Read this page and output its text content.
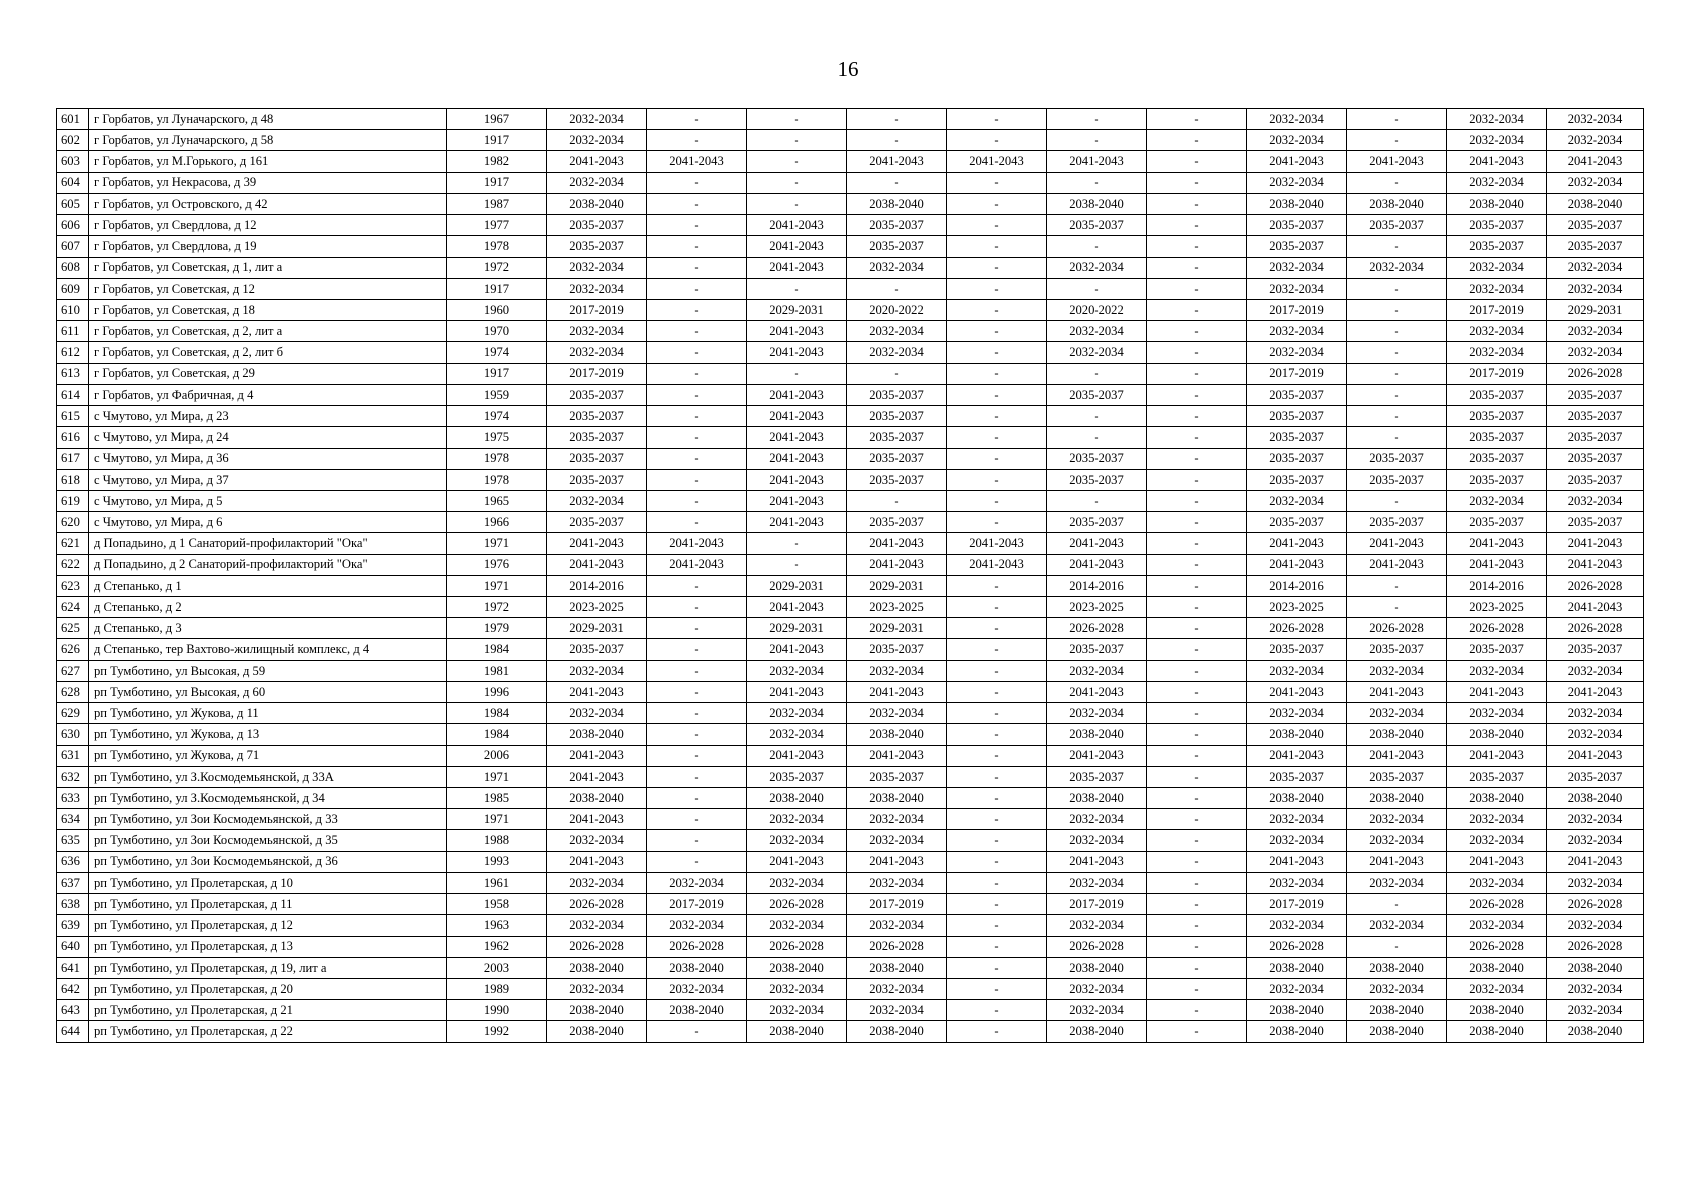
16
601	г Горбатов, ул Луначарского, д 48	1967	2032-2034	-	-	-	-	-	-	2032-2034	-	2032-2034	2032-2034
602	г Горбатов, ул Луначарского, д 58	1917	2032-2034	-	-	-	-	-	-	2032-2034	-	2032-2034	2032-2034
603	г Горбатов, ул М.Горького, д 161	1982	2041-2043	2041-2043	-	2041-2043	2041-2043	2041-2043	-	2041-2043	2041-2043	2041-2043	2041-2043
604	г Горбатов, ул Некрасова, д 39	1917	2032-2034	-	-	-	-	-	-	2032-2034	-	2032-2034	2032-2034
605	г Горбатов, ул Островского, д 42	1987	2038-2040	-	-	2038-2040	-	2038-2040	-	2038-2040	2038-2040	2038-2040	2038-2040
606	г Горбатов, ул Свердлова, д 12	1977	2035-2037	-	2041-2043	2035-2037	-	2035-2037	-	2035-2037	2035-2037	2035-2037	2035-2037
607	г Горбатов, ул Свердлова, д 19	1978	2035-2037	-	2041-2043	2035-2037	-	-	-	2035-2037	-	2035-2037	2035-2037
608	г Горбатов, ул Советская, д 1, лит а	1972	2032-2034	-	2041-2043	2032-2034	-	2032-2034	-	2032-2034	2032-2034	2032-2034	2032-2034
609	г Горбатов, ул Советская, д 12	1917	2032-2034	-	-	-	-	-	-	2032-2034	-	2032-2034	2032-2034
610	г Горбатов, ул Советская, д 18	1960	2017-2019	-	2029-2031	2020-2022	-	2020-2022	-	2017-2019	-	2017-2019	2029-2031
611	г Горбатов, ул Советская, д 2, лит а	1970	2032-2034	-	2041-2043	2032-2034	-	2032-2034	-	2032-2034	-	2032-2034	2032-2034
612	г Горбатов, ул Советская, д 2, лит б	1974	2032-2034	-	2041-2043	2032-2034	-	2032-2034	-	2032-2034	-	2032-2034	2032-2034
613	г Горбатов, ул Советская, д 29	1917	2017-2019	-	-	-	-	-	-	2017-2019	-	2017-2019	2026-2028
614	г Горбатов, ул Фабричная, д 4	1959	2035-2037	-	2041-2043	2035-2037	-	2035-2037	-	2035-2037	-	2035-2037	2035-2037
615	с Чмутово, ул Мира, д 23	1974	2035-2037	-	2041-2043	2035-2037	-	-	-	2035-2037	-	2035-2037	2035-2037
616	с Чмутово, ул Мира, д 24	1975	2035-2037	-	2041-2043	2035-2037	-	-	-	2035-2037	-	2035-2037	2035-2037
617	с Чмутово, ул Мира, д 36	1978	2035-2037	-	2041-2043	2035-2037	-	2035-2037	-	2035-2037	2035-2037	2035-2037	2035-2037
618	с Чмутово, ул Мира, д 37	1978	2035-2037	-	2041-2043	2035-2037	-	2035-2037	-	2035-2037	2035-2037	2035-2037	2035-2037
619	с Чмутово, ул Мира, д 5	1965	2032-2034	-	2041-2043	-	-	-	-	2032-2034	-	2032-2034	2032-2034
620	с Чмутово, ул Мира, д 6	1966	2035-2037	-	2041-2043	2035-2037	-	2035-2037	-	2035-2037	2035-2037	2035-2037	2035-2037
621	д Попадьино, д 1 Санаторий-профилакторий "Ока"	1971	2041-2043	2041-2043	-	2041-2043	2041-2043	2041-2043	-	2041-2043	2041-2043	2041-2043	2041-2043
622	д Попадьино, д 2 Санаторий-профилакторий "Ока"	1976	2041-2043	2041-2043	-	2041-2043	2041-2043	2041-2043	-	2041-2043	2041-2043	2041-2043	2041-2043
623	д Степанько, д 1	1971	2014-2016	-	2029-2031	2029-2031	-	2014-2016	-	2014-2016	-	2014-2016	2026-2028
624	д Степанько, д 2	1972	2023-2025	-	2041-2043	2023-2025	-	2023-2025	-	2023-2025	-	2023-2025	2041-2043
625	д Степанько, д 3	1979	2029-2031	-	2029-2031	2029-2031	-	2026-2028	-	2026-2028	2026-2028	2026-2028	2026-2028
626	д Степанько, тер Вахтово-жилищный комплекс, д 4	1984	2035-2037	-	2041-2043	2035-2037	-	2035-2037	-	2035-2037	2035-2037	2035-2037	2035-2037
627	рп Тумботино, ул Высокая, д 59	1981	2032-2034	-	2032-2034	2032-2034	-	2032-2034	-	2032-2034	2032-2034	2032-2034	2032-2034
628	рп Тумботино, ул Высокая, д 60	1996	2041-2043	-	2041-2043	2041-2043	-	2041-2043	-	2041-2043	2041-2043	2041-2043	2041-2043
629	рп Тумботино, ул Жукова, д 11	1984	2032-2034	-	2032-2034	2032-2034	-	2032-2034	-	2032-2034	2032-2034	2032-2034	2032-2034
630	рп Тумботино, ул Жукова, д 13	1984	2038-2040	-	2032-2034	2038-2040	-	2038-2040	-	2038-2040	2038-2040	2038-2040	2032-2034
631	рп Тумботино, ул Жукова, д 71	2006	2041-2043	-	2041-2043	2041-2043	-	2041-2043	-	2041-2043	2041-2043	2041-2043	2041-2043
632	рп Тумботино, ул З.Космодемьянской, д 33А	1971	2041-2043	-	2035-2037	2035-2037	-	2035-2037	-	2035-2037	2035-2037	2035-2037	2035-2037
633	рп Тумботино, ул З.Космодемьянской, д 34	1985	2038-2040	-	2038-2040	2038-2040	-	2038-2040	-	2038-2040	2038-2040	2038-2040	2038-2040
634	рп Тумботино, ул Зои Космодемьянской, д 33	1971	2041-2043	-	2032-2034	2032-2034	-	2032-2034	-	2032-2034	2032-2034	2032-2034	2032-2034
635	рп Тумботино, ул Зои Космодемьянской, д 35	1988	2032-2034	-	2032-2034	2032-2034	-	2032-2034	-	2032-2034	2032-2034	2032-2034	2032-2034
636	рп Тумботино, ул Зои Космодемьянской, д 36	1993	2041-2043	-	2041-2043	2041-2043	-	2041-2043	-	2041-2043	2041-2043	2041-2043	2041-2043
637	рп Тумботино, ул Пролетарская, д 10	1961	2032-2034	2032-2034	2032-2034	2032-2034	-	2032-2034	-	2032-2034	2032-2034	2032-2034	2032-2034
638	рп Тумботино, ул Пролетарская, д 11	1958	2026-2028	2017-2019	2026-2028	2017-2019	-	2017-2019	-	2017-2019	-	2026-2028	2026-2028
639	рп Тумботино, ул Пролетарская, д 12	1963	2032-2034	2032-2034	2032-2034	2032-2034	-	2032-2034	-	2032-2034	2032-2034	2032-2034	2032-2034
640	рп Тумботино, ул Пролетарская, д 13	1962	2026-2028	2026-2028	2026-2028	2026-2028	-	2026-2028	-	2026-2028	-	2026-2028	2026-2028
641	рп Тумботино, ул Пролетарская, д 19, лит а	2003	2038-2040	2038-2040	2038-2040	2038-2040	-	2038-2040	-	2038-2040	2038-2040	2038-2040	2038-2040
642	рп Тумботино, ул Пролетарская, д 20	1989	2032-2034	2032-2034	2032-2034	2032-2034	-	2032-2034	-	2032-2034	2032-2034	2032-2034	2032-2034
643	рп Тумботино, ул Пролетарская, д 21	1990	2038-2040	2038-2040	2032-2034	2032-2034	-	2032-2034	-	2038-2040	2038-2040	2038-2040	2032-2034
644	рп Тумботино, ул Пролетарская, д 22	1992	2038-2040	-	2038-2040	2038-2040	-	2038-2040	-	2038-2040	2038-2040	2038-2040	2038-2040
